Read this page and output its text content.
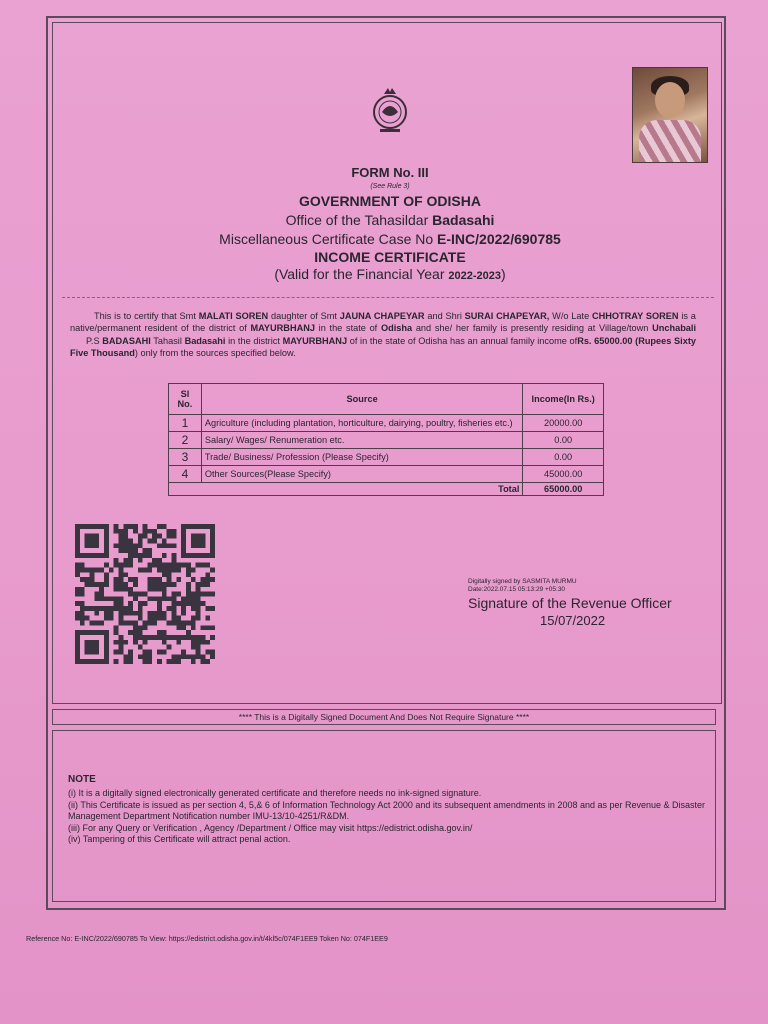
FORM No. III
(See Rule 3)
GOVERNMENT OF ODISHA
Office of the Tahasildar Badasahi
Miscellaneous Certificate Case No E-INC/2022/690785
INCOME CERTIFICATE
(Valid for the Financial Year 2022-2023)
This is to certify that Smt MALATI SOREN daughter of Smt JAUNA CHAPEYAR and Shri SURAI CHAPEYAR, W/o Late CHHOTRAY SOREN is a native/permanent resident of the district of MAYURBHANJ in the state of Odisha and she/ her family is presently residing at Village/town Unchabali       P.S BADASAHI Tahasil Badasahi in the district MAYURBHANJ of in the state of Odisha has an annual family income ofRs. 65000.00 (Rupees Sixty Five Thousand) only from the sources specified below.
Sl No.	Source	Income(In Rs.)
1	Agriculture (including plantation, horticulture, dairying, poultry, fisheries etc.)	20000.00
2	Salary/ Wages/ Renumeration etc.	0.00
3	Trade/ Business/ Profession (Please Specify)	0.00
4	Other Sources(Please Specify)	45000.00
Total		65000.00
Digitally signed by SASMITA MURMU
Date:2022.07.15 05:13:29 +05:30
Signature of the Revenue Officer
15/07/2022
**** This is a Digitally Signed Document And Does Not Require Signature ****
NOTE
(i) It is a digitally signed electronically generated certificate and therefore needs no ink-signed signature.
(ii) This Certificate is issued as per section 4, 5,& 6 of Information Technology Act 2000 and its subsequent amendments in 2008 and as per Revenue & Disaster Management Department Notification number IMU-13/10-4251/R&DM.
(iii) For any Query or Verification , Agency /Department / Office may visit https://edistrict.odisha.gov.in/
(iv) Tampering of this Certificate will attract penal action.
Reference No: E-INC/2022/690785 To View: https://edistrict.odisha.gov.in/t/4kl5c/074F1EE9 Token No: 074F1EE9
